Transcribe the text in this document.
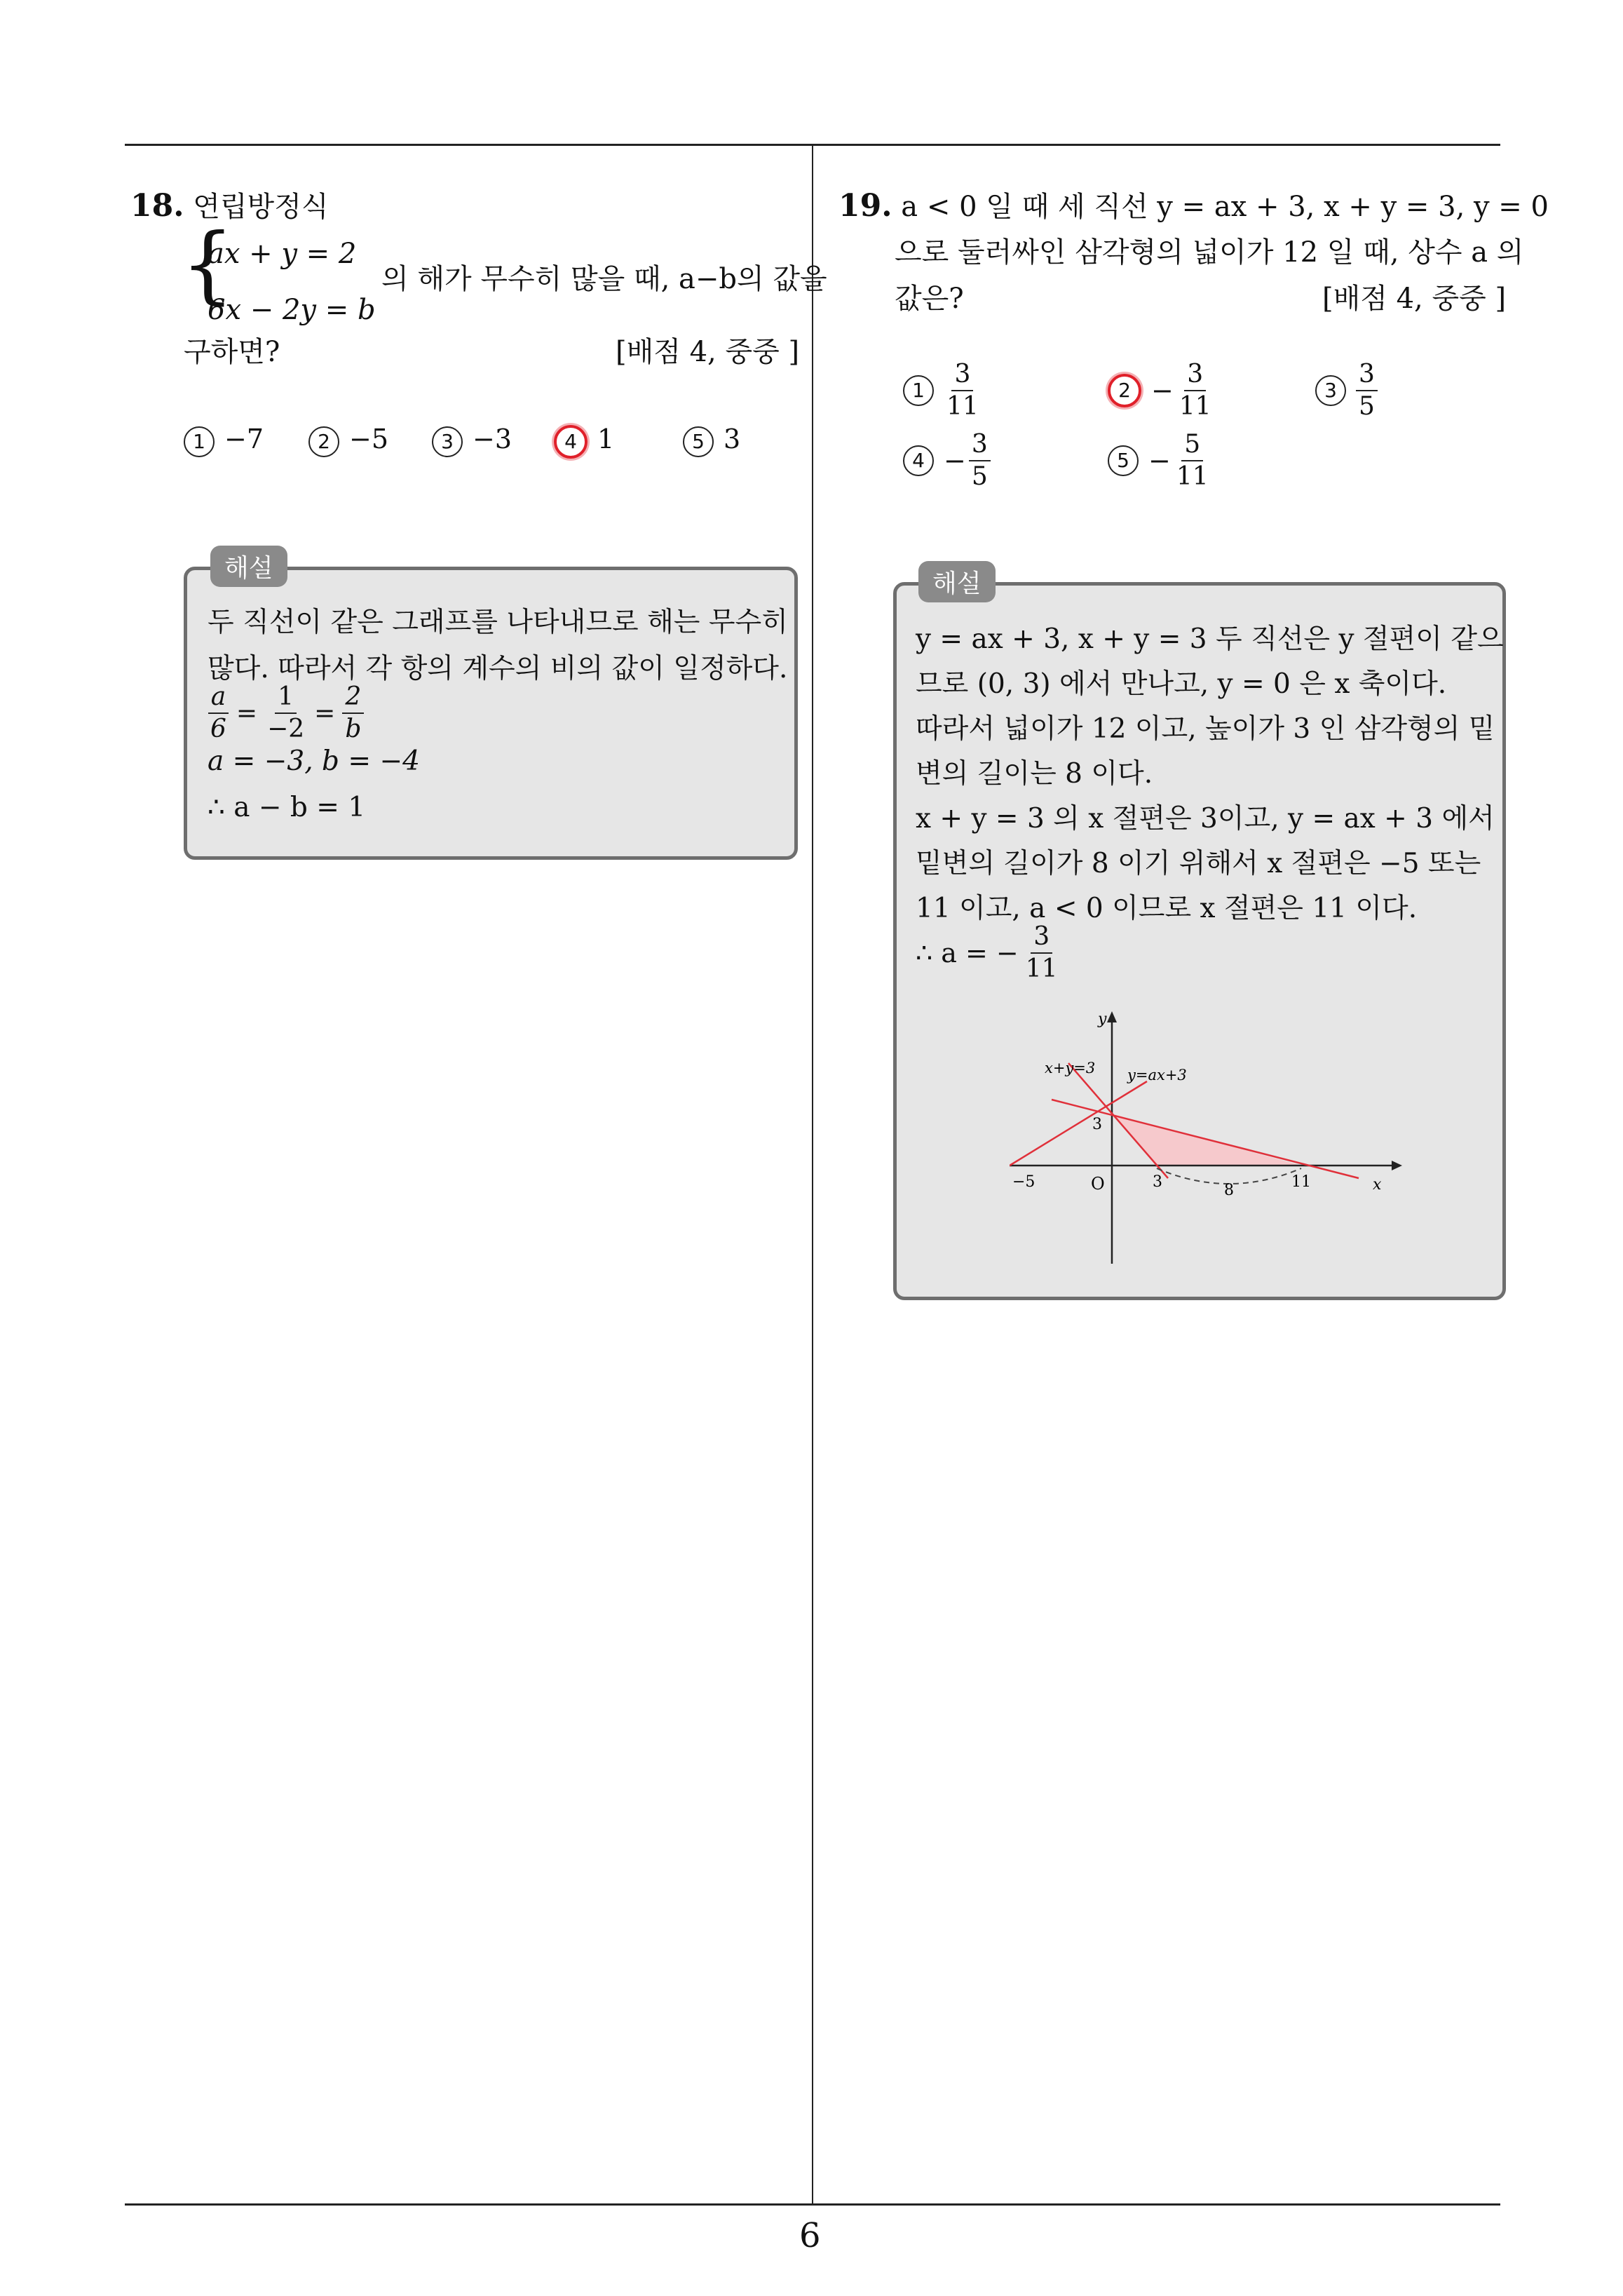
6
18. 연립방정식
{
ax + y = 2
6x − 2y = b
의 해가 무수히 많을 때, a−b의 값을
구하면?	[배점 4, 중중 ]
1 −7	2 −5	3 −3	4 1	5 3
해설
두 직선이 같은 그래프를 나타내므로 해는 무수히
많다. 따라서 각 항의 계수의 비의 값이 일정하다.
$\frac{a}{6} = \frac{1}{-2} = \frac{2}{b}$
a = −3, b = −4
∴ a − b = 1
19. a < 0 일 때 세 직선 y = ax + 3, x + y = 3, y = 0
으로 둘러싸인 삼각형의 넓이가 12 일 때, 상수 a 의
값은?	[배점 4, 중중 ]
$1 \frac{3}{11}$	$2 - \frac{3}{11}$	$3 \frac{3}{5}$
$4 - \frac{3}{5}$	$5 - \frac{5}{11}$
해설
y = ax + 3, x + y = 3 두 직선은 y 절편이 같으
므로 (0, 3) 에서 만나고, y = 0 은 x 축이다.
따라서 넓이가 12 이고, 높이가 3 인 삼각형의 밑
변의 길이는 8 이다.
x + y = 3 의 x 절편은 3이고, y = ax + 3 에서
밑변의 길이가 8 이기 위해서 x 절편은 −5 또는
11 이고, a < 0 이므로 x 절편은 11 이다.
∴ a = − $\frac{3}{11}$
y
x
O
x+y=3 y=ax+3
3
−5	3	11
8
